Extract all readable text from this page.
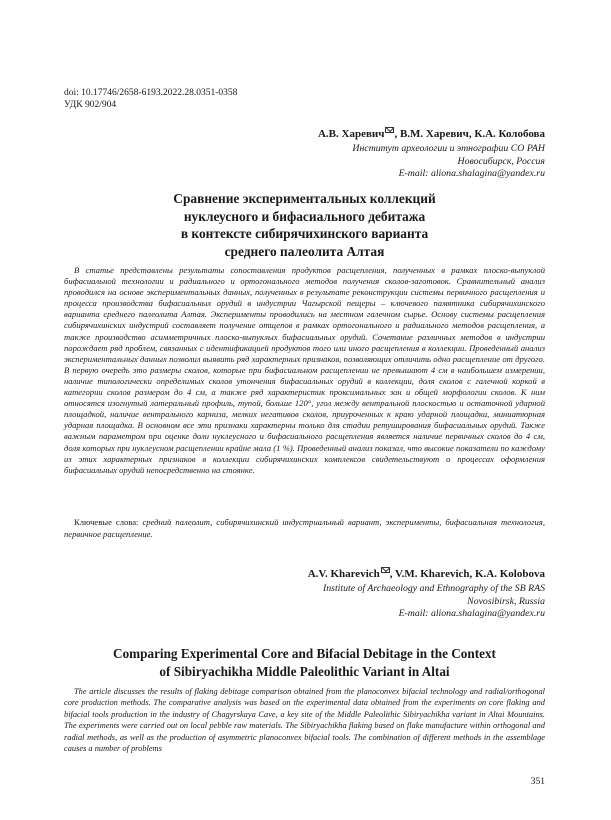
doi: 10.17746/2658-6193.2022.28.0351-0358
УДК 902/904
А.В. Харевич , В.М. Харевич, К.А. Колобова
Институт археологии и этнографии СО РАН
Новосибирск, Россия
E-mail: aliona.shalagina@yandex.ru
Сравнение экспериментальных коллекций
нуклеусного и бифасиального дебитажа
в контексте сибирячихинского варианта
среднего палеолита Алтая
В статье представлены результаты сопоставления продуктов расщепления, полученных в рамках плоско-выпуклой бифасиальной технологии и радиального и ортогонального методов получения сколов-заготовок. Сравнительный анализ проводился на основе экспериментальных данных, полученных в результате реконструкции системы первичного расщепления и процесса производства бифасиальных орудий в индустрии Чагырской пещеры – ключевого памятника сибирячихинского варианта среднего палеолита Алтая. Эксперименты проводились на местном галечном сырье. Основу системы расщепления сибирячихинских индустрий составляет получение отщепов в рамках ортогонального и радиального методов расщепления, а также производство асимметричных плоско-выпуклых бифасиальных орудий. Сочетание различных методов в индустрии порождает ряд проблем, связанных с идентификацией продуктов того или иного расщепления в коллекции. Проведенный анализ экспериментальных данных позволил выявить ряд характерных признаков, позволяющих отличить одно расщепление от другого. В первую очередь это размеры сколов, которые при бифасиальном расщеплении не превышают 4 см в наибольшем измерении, наличие типологически определимых сколов утончения бифасиальных орудий в коллекции, доля сколов с галечной коркой в категории сколов размером до 4 см, а также ряд характеристик проксимальных зон и общей морфологии сколов. К ним относятся изогнутый латеральный профиль, тупой, больше 120°, угол между вентральной плоскостью и остаточной ударной площадкой, наличие вентрального карниза, мелких негативов сколов, приуроченных к краю ударной площадки, миниатюрная ударная площадка. В основном все эти признаки характерны только для стадии ретуширования бифасиальных орудий. Также важным параметром при оценке доли нуклеусного и бифасиального расщепления является наличие первичных сколов до 4 см, доля которых при нуклеусном расщеплении крайне мала (1 %). Проведенный анализ показал, что высокие показатели по каждому из этих характерных признаков в коллекции сибирячихинских комплексов свидетельствуют о процессах оформления бифасиальных орудий непосредственно на стоянке.
Ключевые слова: средний палеолит, сибирячихинский индустриальный вариант, эксперименты, бифасиальная технология, первичное расщепление.
A.V. Kharevich , V.M. Kharevich, K.A. Kolobova
Institute of Archaeology and Ethnography of the SB RAS
Novosibirsk, Russia
E-mail: aliona.shalagina@yandex.ru
Comparing Experimental Core and Bifacial Debitage in the Context
of Sibiryachikha Middle Paleolithic Variant in Altai
The article discusses the results of flaking debitage comparison obtained from the planoconvex bifacial technology and radial/orthogonal core production methods. The comparative analysis was based on the experimental data obtained from the experiments on core flaking and bifacial tools production in the industry of Chagyrskaya Cave, a key site of the Middle Paleolithic Sibiryachikha variant in Altai Mountains. The experiments were carried out on local pebble raw materials. The Sibiryachikha flaking based on flake manufacture within orthogonal and radial methods, as well as the production of asymmetric planoconvex bifacial tools. The combination of different methods in the assemblage causes a number of problems
351
